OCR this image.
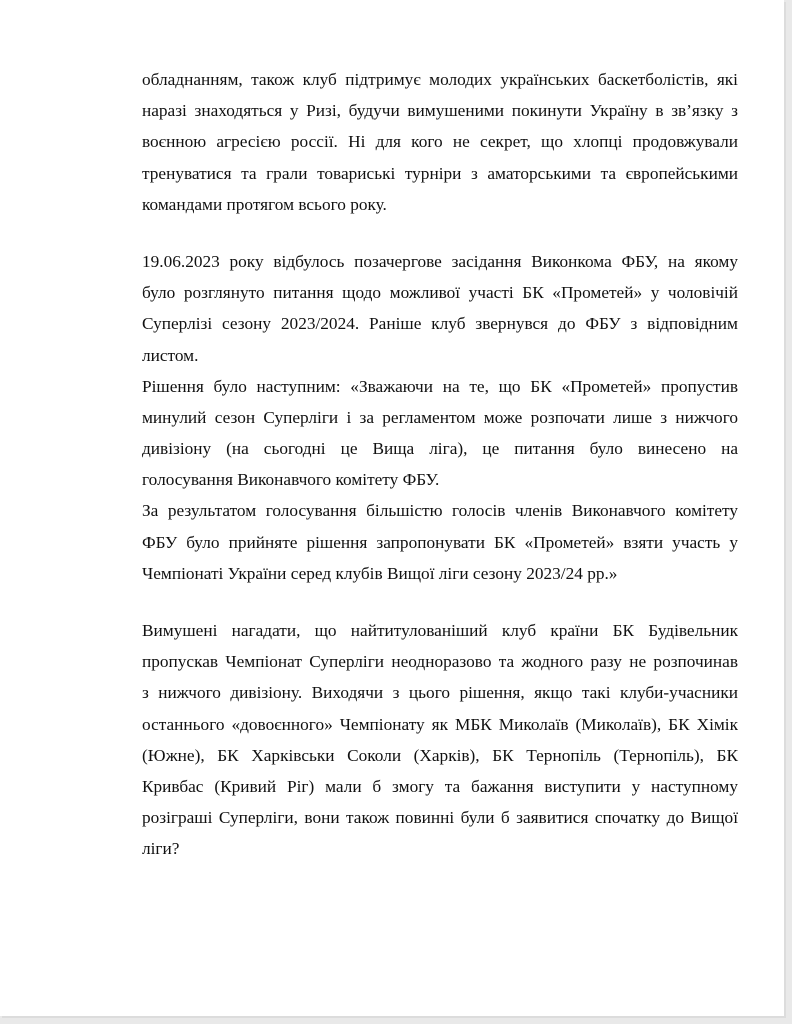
обладнанням, також клуб підтримує молодих українських баскетболістів, які
наразі знаходяться у Ризі, будучи вимушеними покинути Україну в зв’язку з
воєнною агресією россії. Ні для кого не секрет, що хлопці продовжували
тренуватися та грали товариські турніри з аматорськими та європейськими
командами протягом всього року.
19.06.2023 року відбулось позачергове засідання Виконкома ФБУ, на якому
було розглянуто питання щодо можливої участі БК «Прометей» у чоловічій
Суперлізі сезону 2023/2024. Раніше клуб звернувся до ФБУ з відповідним
листом.
Рішення було наступним: «Зважаючи на те, що БК «Прометей» пропустив
минулий сезон Суперліги і за регламентом може розпочати лише з нижчого
дивізіону (на сьогодні це Вища ліга), це питання було винесено на
голосування Виконавчого комітету ФБУ.
За результатом голосування більшістю голосів членів Виконавчого комітету
ФБУ було прийняте рішення запропонувати БК «Прометей» взяти участь у
Чемпіонаті України серед клубів Вищої ліги сезону 2023/24 рр.»
Вимушені нагадати, що найтитулованіший клуб країни БК Будівельник
пропускав Чемпіонат Суперліги неодноразово та жодного разу не розпочинав
з нижчого дивізіону. Виходячи з цього рішення, якщо такі клуби-учасники
останнього «довоєнного» Чемпіонату як МБК Миколаїв (Миколаїв), БК Хімік
(Южне), БК Харківськи Соколи (Харків), БК Тернопіль (Тернопіль), БК
Кривбас (Кривий Ріг) мали б змогу та бажання виступити у наступному
розіграші Суперліги, вони також повинні були б заявитися спочатку до Вищої
ліги?
